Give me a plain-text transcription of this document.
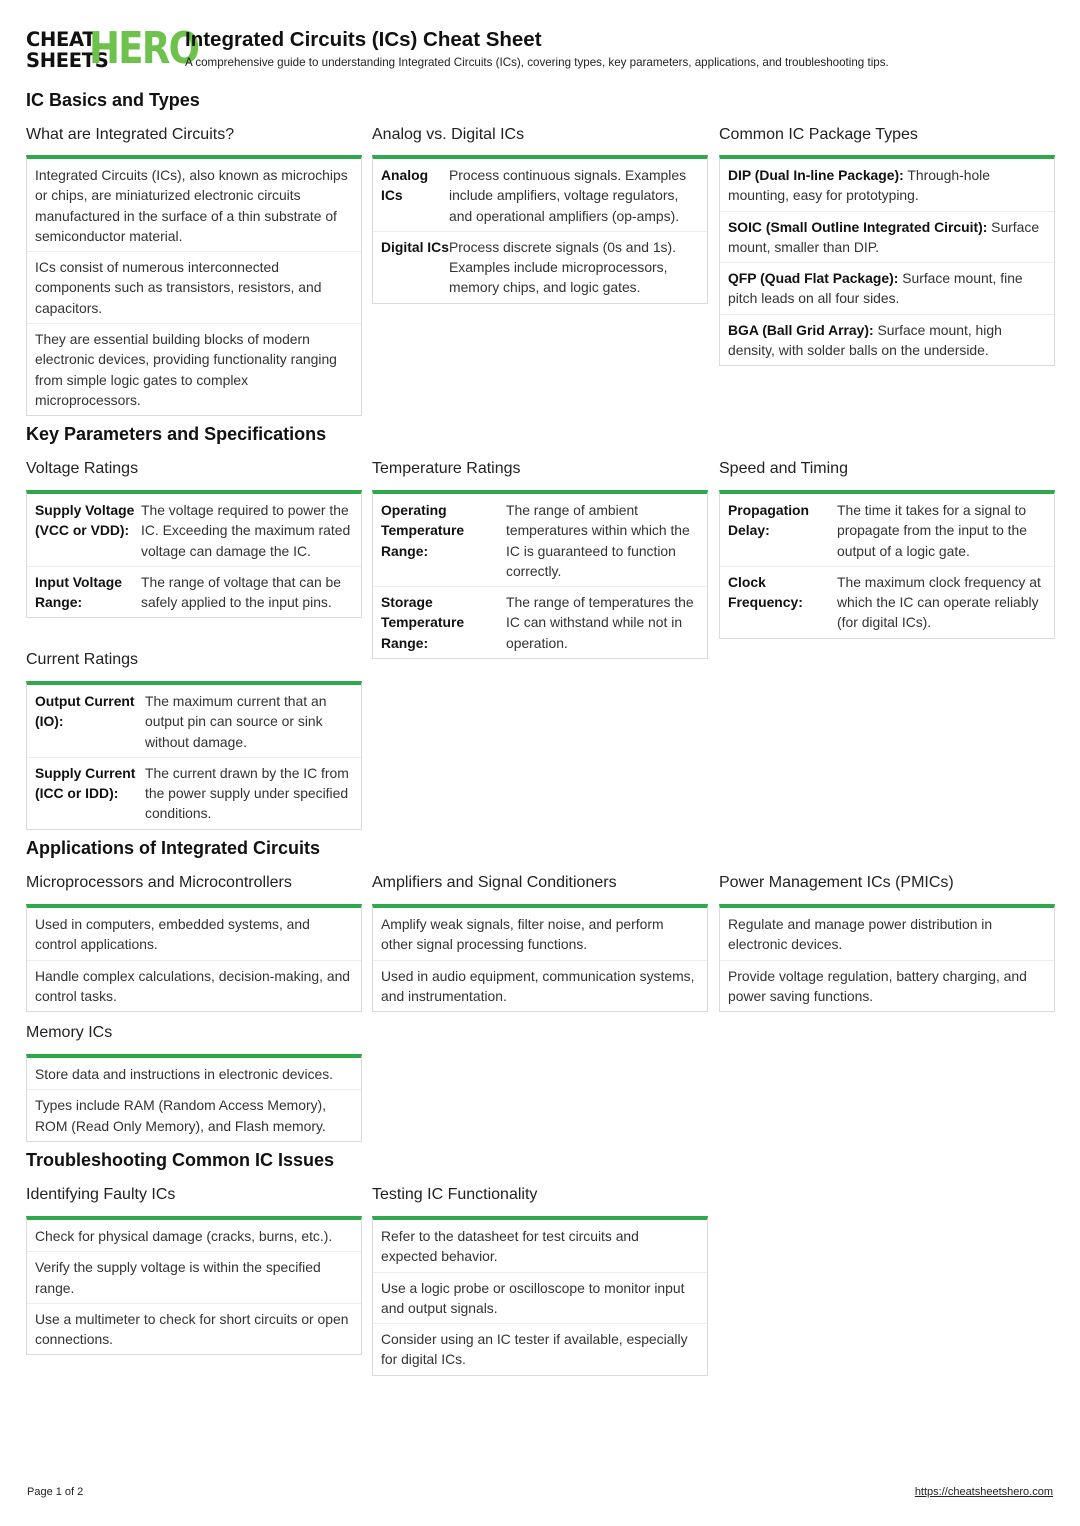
CHEAT
SHEETS
HERO
Integrated Circuits (ICs) Cheat Sheet
A comprehensive guide to understanding Integrated Circuits (ICs), covering types, key parameters, applications, and troubleshooting tips.
IC Basics and Types
What are Integrated Circuits?
Integrated Circuits (ICs), also known as microchips or chips, are miniaturized electronic circuits manufactured in the surface of a thin substrate of semiconductor material.
ICs consist of numerous interconnected components such as transistors, resistors, and capacitors.
They are essential building blocks of modern electronic devices, providing functionality ranging from simple logic gates to complex microprocessors.
Analog vs. Digital ICs
Analog ICs
Process continuous signals. Examples include amplifiers, voltage regulators, and operational amplifiers (op-amps).
Digital ICs Process discrete signals (0s and 1s). Examples include microprocessors, memory chips, and logic gates.
Common IC Package Types
DIP (Dual In-line Package): Through-hole mounting, easy for prototyping.
SOIC (Small Outline Integrated Circuit): Surface mount, smaller than DIP.
QFP (Quad Flat Package): Surface mount, fine pitch leads on all four sides.
BGA (Ball Grid Array): Surface mount, high density, with solder balls on the underside.
Key Parameters and Specifications
Voltage Ratings
Supply Voltage (VCC or VDD):
The voltage required to power the IC. Exceeding the maximum rated voltage can damage the IC.
Input Voltage Range:
The range of voltage that can be safely applied to the input pins.
Current Ratings
Output Current (IO):
The maximum current that an output pin can source or sink without damage.
Supply Current (ICC or IDD):
The current drawn by the IC from the power supply under specified conditions.
Temperature Ratings
Operating Temperature Range:
The range of ambient temperatures within which the IC is guaranteed to function correctly.
Storage Temperature Range:
The range of temperatures the IC can withstand while not in operation.
Speed and Timing
Propagation Delay:
The time it takes for a signal to propagate from the input to the output of a logic gate.
Clock Frequency:
The maximum clock frequency at which the IC can operate reliably (for digital ICs).
Applications of Integrated Circuits
Microprocessors and Microcontrollers
Used in computers, embedded systems, and control applications.
Handle complex calculations, decision-making, and control tasks.
Memory ICs
Store data and instructions in electronic devices.
Types include RAM (Random Access Memory), ROM (Read Only Memory), and Flash memory.
Amplifiers and Signal Conditioners
Amplify weak signals, filter noise, and perform other signal processing functions.
Used in audio equipment, communication systems, and instrumentation.
Power Management ICs (PMICs)
Regulate and manage power distribution in electronic devices.
Provide voltage regulation, battery charging, and power saving functions.
Troubleshooting Common IC Issues
Identifying Faulty ICs
Check for physical damage (cracks, burns, etc.).
Verify the supply voltage is within the specified range.
Use a multimeter to check for short circuits or open connections.
Testing IC Functionality
Refer to the datasheet for test circuits and expected behavior.
Use a logic probe or oscilloscope to monitor input and output signals.
Consider using an IC tester if available, especially for digital ICs.
Page 1 of 2	https://cheatsheetshero.com
